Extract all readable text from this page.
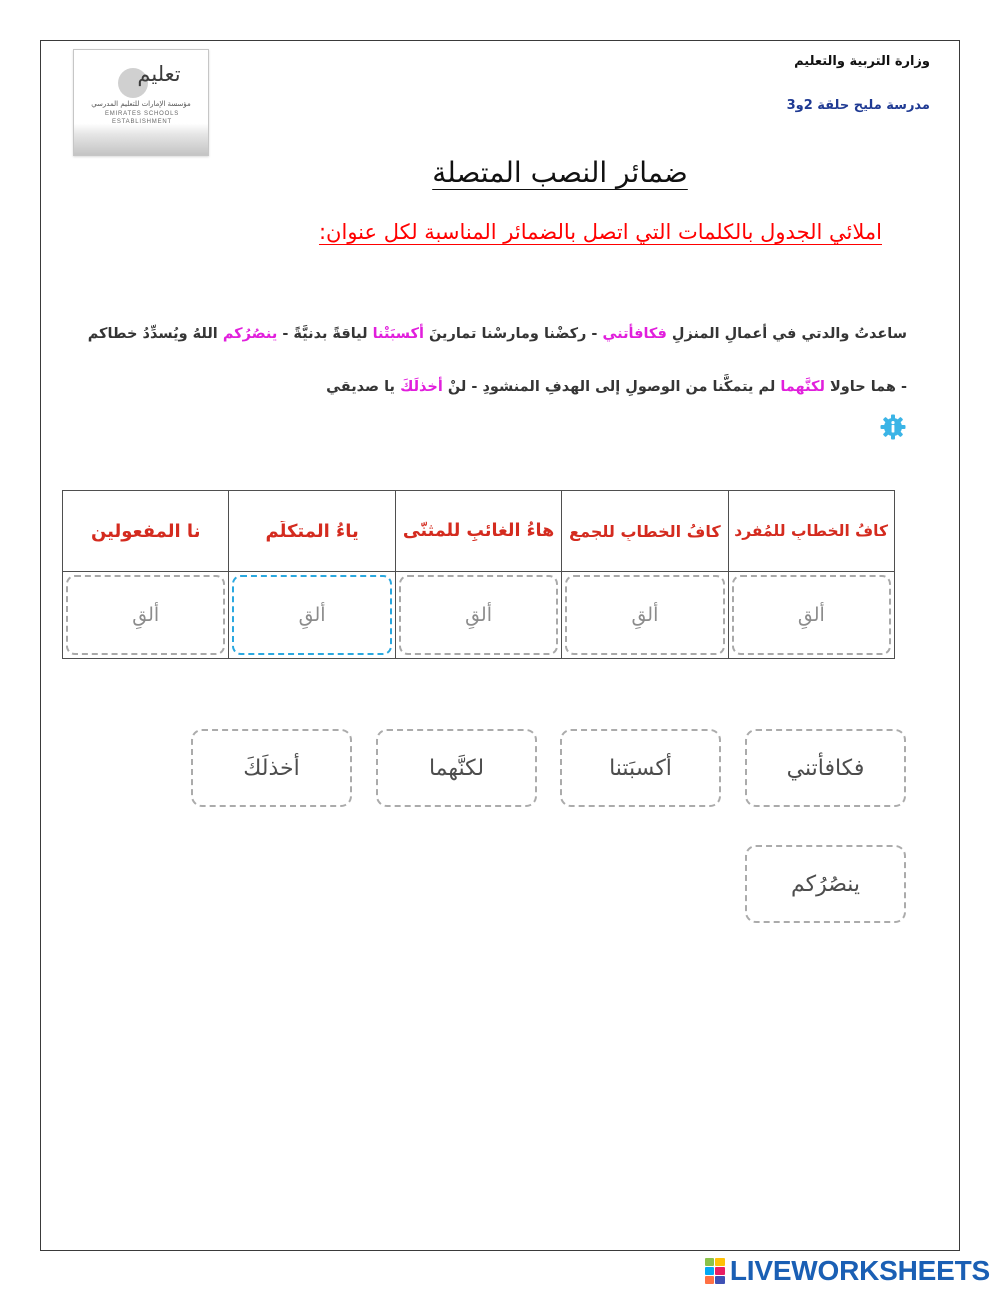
تعليم
مؤسسة الإمارات للتعليم المدرسي
EMIRATES SCHOOLS ESTABLISHMENT
وزارة التربية والتعليم
مدرسة مليح حلقة 2و3
ضمائر النصب المتصلة
املائي الجدول بالكلمات التي اتصل بالضمائر المناسبة لكل عنوان:
ساعدتُ والدتي في أعمالِ المنزلِ فكافأتني - ركضْنا ومارسْنا تمارينَ أكسبَتْنا لياقةً بدنيَّةً - ينصُرُكم اللهُ ويُسدِّدُ خطاكم
- هما حاولا لكنَّهما لم يتمكَّنا من الوصولِ إلى الهدفِ المنشودِ - لنْ أخذلَكَ يا صديقي
كافُ الخطابِ للمُفرد	كافُ الخطابِ للجمعِ	هاءُ الغائبِ للمثنّى	ياءُ المتكلِّمِ	نا المفعولين

ألقِ	ألقِ	ألقِ	ألقِ	ألقِ
فكافأتني
أكسبَتنا
لكنَّهما
أخذلَكَ
ينصُرُكم
LIVEWORKSHEETS
